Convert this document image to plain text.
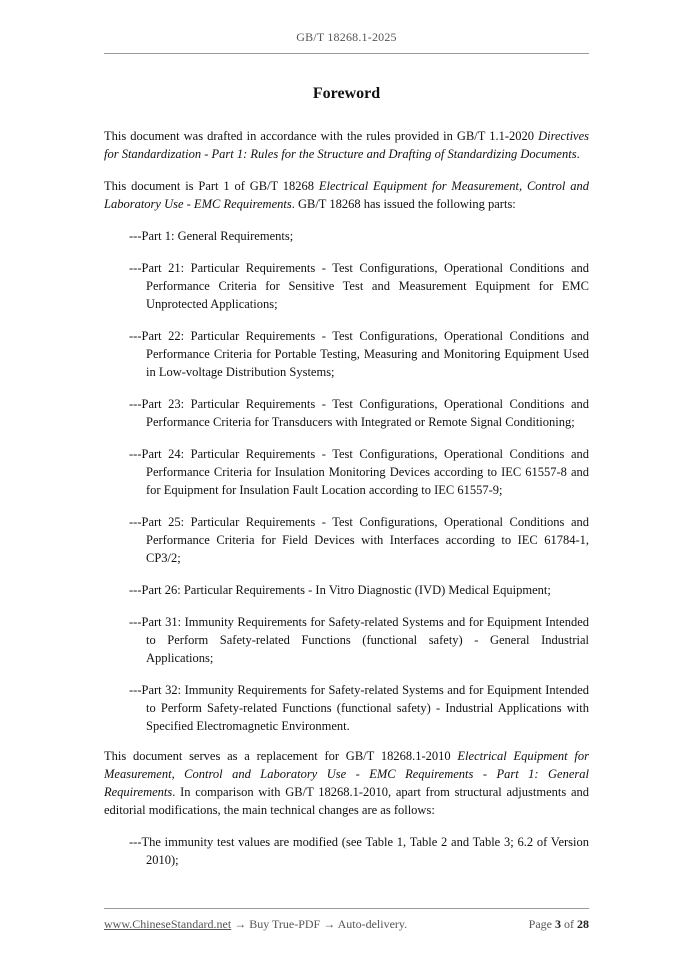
GB/T 18268.1-2025
Foreword

This document was drafted in accordance with the rules provided in GB/T 1.1-2020 Directives for Standardization - Part 1: Rules for the Structure and Drafting of Standardizing Documents.

This document is Part 1 of GB/T 18268 Electrical Equipment for Measurement, Control and Laboratory Use - EMC Requirements. GB/T 18268 has issued the following parts:

---Part 1: General Requirements;

---Part 21: Particular Requirements - Test Configurations, Operational Conditions and Performance Criteria for Sensitive Test and Measurement Equipment for EMC Unprotected Applications;

---Part 22: Particular Requirements - Test Configurations, Operational Conditions and Performance Criteria for Portable Testing, Measuring and Monitoring Equipment Used in Low-voltage Distribution Systems;

---Part 23: Particular Requirements - Test Configurations, Operational Conditions and Performance Criteria for Transducers with Integrated or Remote Signal Conditioning;

---Part 24: Particular Requirements - Test Configurations, Operational Conditions and Performance Criteria for Insulation Monitoring Devices according to IEC 61557-8 and for Equipment for Insulation Fault Location according to IEC 61557-9;

---Part 25: Particular Requirements - Test Configurations, Operational Conditions and Performance Criteria for Field Devices with Interfaces according to IEC 61784-1, CP3/2;

---Part 26: Particular Requirements - In Vitro Diagnostic (IVD) Medical Equipment;

---Part 31: Immunity Requirements for Safety-related Systems and for Equipment Intended to Perform Safety-related Functions (functional safety) - General Industrial Applications;

---Part 32: Immunity Requirements for Safety-related Systems and for Equipment Intended to Perform Safety-related Functions (functional safety) - Industrial Applications with Specified Electromagnetic Environment.

This document serves as a replacement for GB/T 18268.1-2010 Electrical Equipment for Measurement, Control and Laboratory Use - EMC Requirements - Part 1: General Requirements. In comparison with GB/T 18268.1-2010, apart from structural adjustments and editorial modifications, the main technical changes are as follows:

---The immunity test values are modified (see Table 1, Table 2 and Table 3; 6.2 of Version 2010);

www.ChineseStandard.net → Buy True-PDF → Auto-delivery.	Page 3 of 28
